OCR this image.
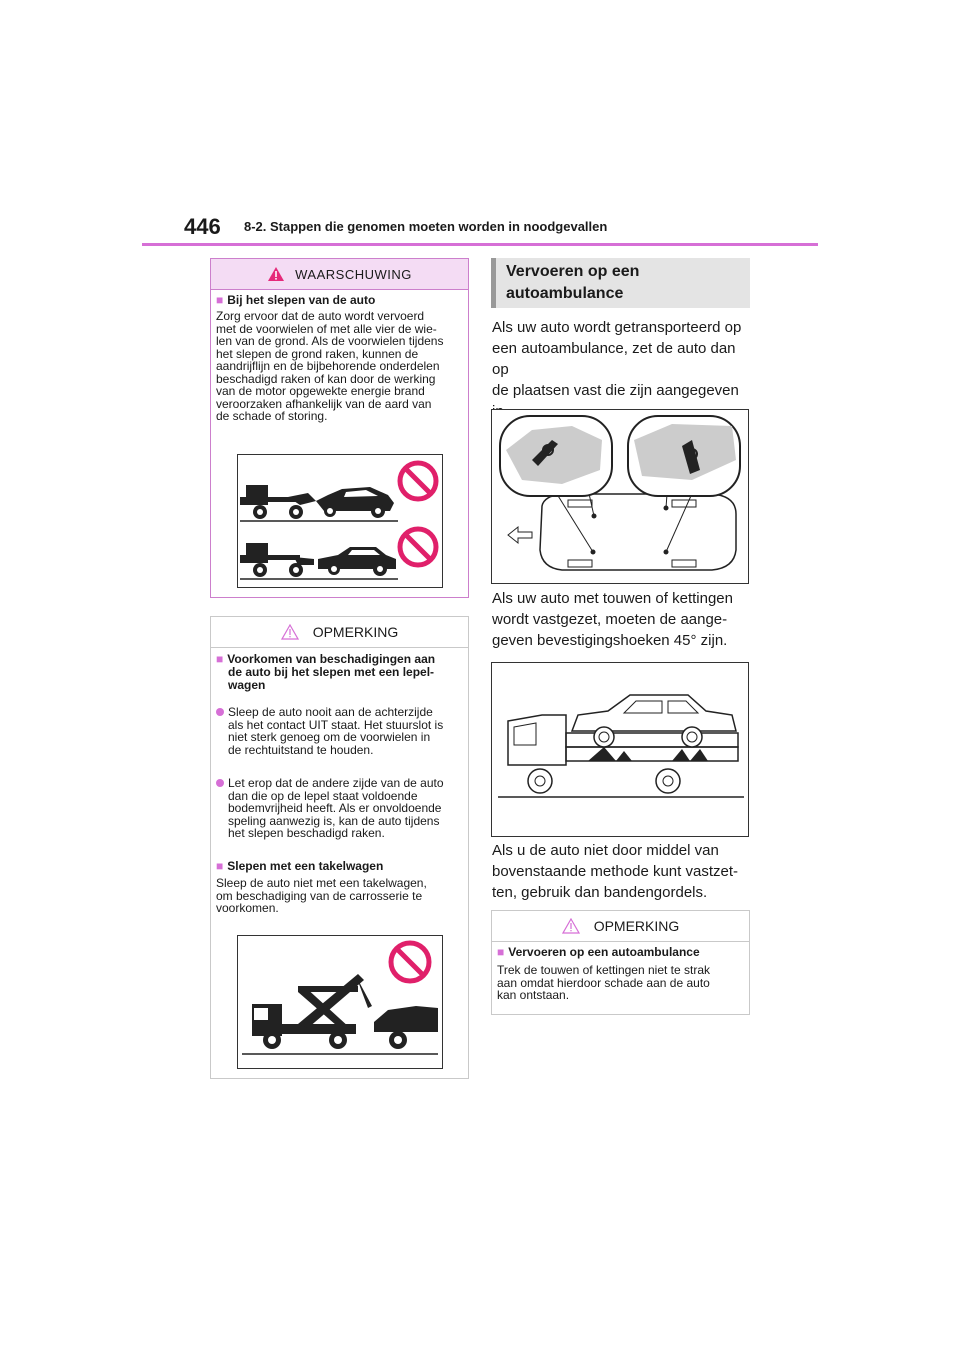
446 8-2. Stappen die genomen moeten worden in noodgevallen
WAARSCHUWING
■ Bij het slepen van de auto
Zorg ervoor dat de auto wordt vervoerd
met de voorwielen of met alle vier de wie-
len van de grond. Als de voorwielen tijdens
het slepen de grond raken, kunnen de
aandrijflijn en de bijbehorende onderdelen
beschadigd raken of kan door de werking
van de motor opgewekte energie brand
veroorzaken afhankelijk van de aard van
de schade of storing.
OPMERKING
■ Voorkomen van beschadigingen aan
de auto bij het slepen met een lepel-
wagen
Sleep de auto nooit aan de achterzijde
als het contact UIT staat. Het stuurslot is
niet sterk genoeg om de voorwielen in
de rechtuitstand te houden.
Let erop dat de andere zijde van de auto
dan die op de lepel staat voldoende
bodemvrijheid heeft. Als er onvoldoende
speling aanwezig is, kan de auto tijdens
het slepen beschadigd raken.
■ Slepen met een takelwagen
Sleep de auto niet met een takelwagen,
om beschadiging van de carrosserie te
voorkomen.
Vervoeren op een
autoambulance
Als uw auto wordt getransporteerd op
een autoambulance, zet de auto dan op
de plaatsen vast die zijn aangegeven
Als uw auto met touwen of kettingen
wordt vastgezet, moeten de aange-
geven bevestigingshoeken 45° zijn.
Als u de auto niet door middel van
bovenstaande methode kunt vastzet-
ten, gebruik dan bandengordels.
OPMERKING
■ Vervoeren op een autoambulance
Trek de touwen of kettingen niet te strak
aan omdat hierdoor schade aan de auto
kan ontstaan.
